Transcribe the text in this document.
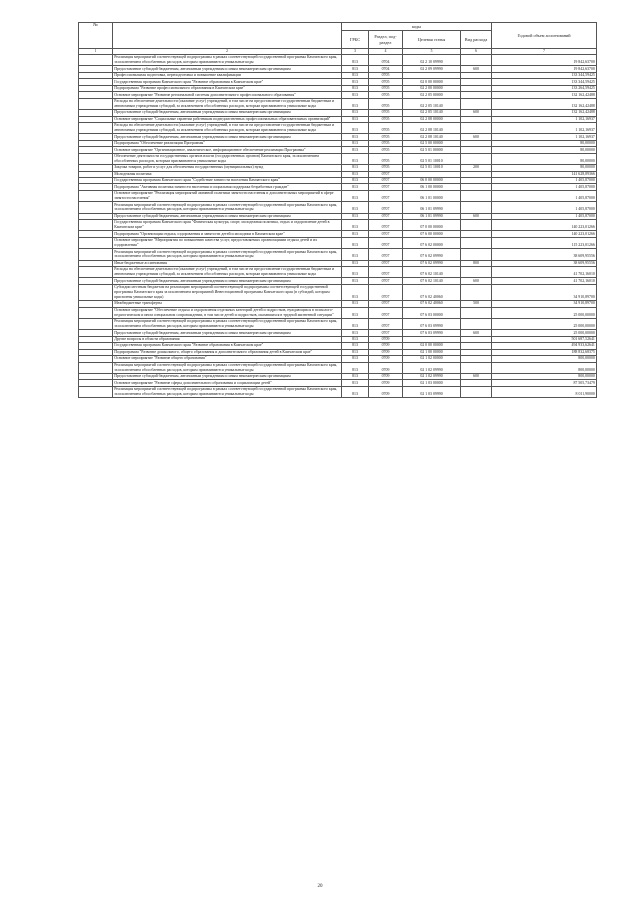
№		коды				Годовой объем ассигнований
		ГРБС	Раздел, под-раздел	Целевая статья	Вид расхода	
1	2	3	4	5	6	7
	Реализация мероприятий соответствующей подпрограммы в рамках соответствующей государственной программы Камчатского края, за исключением обособленных расходов, которым присваиваются уникальные коды	813	0704	02 2 10 09990		19 842,63700
	Предоставление субсидий бюджетным, автономным учреждениям и иным некоммерческим организациям	813	0704	02 2 09 09990	600	19 842,63700
	Профессиональная подготовка, переподготовка и повышение квалификации	813	0705			133 344,59425
	Государственная программа Камчатского края "Развитие образования в Камчатском крае"	813	0705	02 0 00 00000		133 344,59425
	Подпрограмма "Развитие профессионального образования в Камчатском крае"	813	0705	02 2 00 00000		133 264,59425
	Основное мероприятие "Развитие региональной системы дополнительного профессионального образования"	813	0705	02 2 05 00000		132 162,42488
	Расходы на обеспечение деятельности (оказание услуг) учреждений, в том числе на предоставление государственным бюджетным и автономным учреждениям субсидий, за исключением обособленных расходов, которым присваиваются уникальные коды	813	0705	02 2 05 10140		132 162,42488
	Предоставление субсидий бюджетным, автономным учреждениям и иным некоммерческим организациям	813	0705	02 2 05 10140	600	132 162,42488
	Основное мероприятие "Социальные гарантии работникам подведомственных профессиональных образовательных организаций"	813	0705	02 2 08 00000		1 102,16937
	Расходы на обеспечение деятельности (оказание услуг) учреждений, в том числе на предоставление государственным бюджетным и автономным учреждениям субсидий, за исключением обособленных расходов, которым присваиваются уникальные коды	813	0705	02 2 08 10140		1 102,16937
	Предоставление субсидий бюджетным, автономным учреждениям и иным некоммерческим организациям	813	0705	02 2 08 10140	600	1 102,16937
	Подпрограмма "Обеспечение реализации Программы"	813	0705	02 5 00 00000		80,00000
	Основное мероприятие "Организационное, аналитическое, информационное обеспечение реализации Программы"	813	0705	02 5 01 00000		80,00000
	Обеспечение деятельности государственных органов власти (государственных органов) Камчатского края, за исключением обособленных расходов, которым присваиваются уникальные коды	813	0705	02 5 01 10010		80,00000
	Закупка товаров, работ и услуг для обеспечения государственных (муниципальных) нужд	813	0705	02 5 01 10010	200	80,00000
	Молодежная политика	813	0707			141 628,89366
	Государственная программа Камчатского края "Содействие занятости населения Камчатского края"	813	0707	06 0 00 00000		1 405,87000
	Подпрограмма "Активная политика занятости населения и социальная поддержка безработных граждан"	813	0707	06 1 00 00000		1 405,87000
	Основное мероприятие "Реализация мероприятий активной политики занятости населения и дополнительных мероприятий в сфере занятости населения"	813	0707	06 1 01 00000		1 405,87000
	Реализация мероприятий соответствующей подпрограммы в рамках соответствующей государственной программы Камчатского края, за исключением обособленных расходов, которым присваиваются уникальные коды	813	0707	06 1 01 09990		1 405,87000
	Предоставление субсидий бюджетным, автономным учреждениям и иным некоммерческим организациям	813	0707	06 1 01 09990	600	1 405,87000
	Государственная программа Камчатского края "Физическая культура, спорт, молодежная политика, отдых и оздоровление детей в Камчатском крае"	813	0707	07 0 00 00000		140 223,01266
	Подпрограмма "Организация отдыха, оздоровления и занятости детей и молодежи в Камчатском крае"	813	0707	07 6 00 00000		140 223,01266
	Основное мероприятие "Мероприятия по повышению качества услуг, предоставляемых организациями отдыха детей и их оздоровления"	813	0707	07 6 02 00000		115 223,01266
	Реализация мероприятий соответствующей подпрограммы в рамках соответствующей государственной программы Камчатского края, за исключением обособленных расходов, которым присваиваются уникальные коды	813	0707	07 6 02 09990		38 609,95556
	Иные бюджетные ассигнования	813	0707	07 6 02 09990	800	38 609,95556
	Расходы на обеспечение деятельности (оказание услуг) учреждений, в том числе на предоставление государственным бюджетным и автономным учреждениям субсидий, за исключением обособленных расходов, которым присваиваются уникальные коды	813	0707	07 6 02 10140		41 702,16010
	Предоставление субсидий бюджетным, автономным учреждениям и иным некоммерческим организациям	813	0707	07 6 02 10140	600	41 702,16010
	Субсидии местным бюджетам на реализацию мероприятий соответствующей подпрограммы соответствующей государственной программы Камчатского края за исключением мероприятий Инвестиционной программы Камчатского края (в субсидий, которым присвоены уникальные коды)	813	0707	07 6 02 40060		34 910,89700
	Межбюджетные трансферты	813	0707	07 6 02 40060	500	34 910,89700
	Основное мероприятие "Обеспечение отдыха и оздоровления отдельных категорий детей и подростков, нуждающихся в психолого-педагогическом и ином специальном сопровождении, в том числе детей и подростков, оказавшихся в трудной жизненной ситуации"	813	0707	07 6 03 00000		25 000,00000
	Реализация мероприятий соответствующей подпрограммы в рамках соответствующей государственной программы Камчатского края, за исключением обособленных расходов, которым присваиваются уникальные коды	813	0707	07 6 03 09990		25 000,00000
	Предоставление субсидий бюджетным, автономным учреждениям и иным некоммерческим организациям	813	0707	07 6 03 09990	600	25 000,00000
	Другие вопросы в области образования	813	0709			501 687,52641
	Государственная программа Камчатского края "Развитие образования в Камчатском крае"	813	0709	02 0 00 00000		494 933,62641
	Подпрограмма "Развитие дошкольного, общего образования и дополнительного образования детей в Камчатском крае"	813	0709	02 1 00 00000		188 832,68375
	Основное мероприятие "Развитие общего образования"	813	0709	02 1 02 00000		800,00000
	Реализация мероприятий соответствующей подпрограммы в рамках соответствующей государственной программы Камчатского края, за исключением обособленных расходов, которым присваиваются уникальные коды	813	0709	02 1 02 09990		800,00000
	Предоставление субсидий бюджетным, автономным учреждениям и иным некоммерческим организациям	813	0709	02 1 02 09990	600	800,00000
	Основное мероприятие "Развитие сферы дополнительного образования и социализации детей"	813	0709	02 1 03 00000		87 505,73479
	Реализация мероприятий соответствующей подпрограммы в рамках соответствующей государственной программы Камчатского края, за исключением обособленных расходов, которым присваиваются уникальные коды	813	0709	02 1 03 09990		8 011,90000
20
